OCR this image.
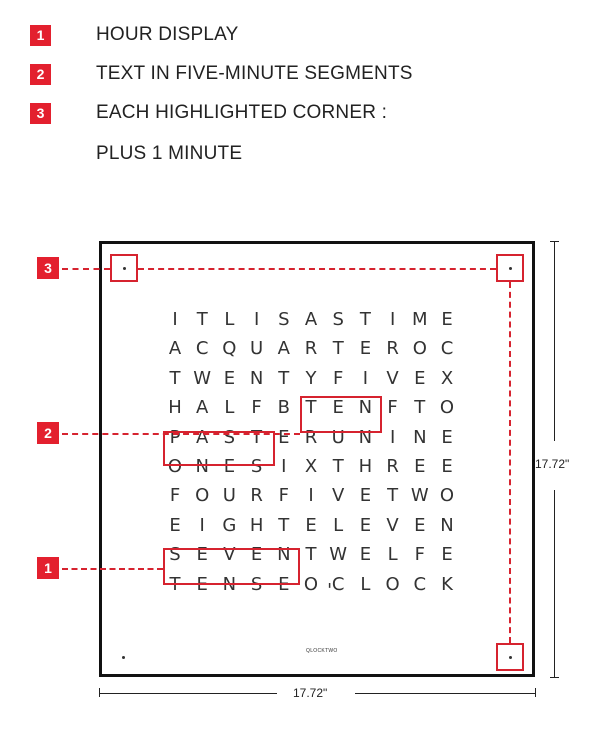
1	HOUR DISPLAY
2	TEXT IN FIVE-MINUTE SEGMENTS
3	EACH HIGHLIGHTED CORNER :
PLUS 1 MINUTE
I	T L	I	S A S T	I M E
A C Q U A R T E R O C
T W E N T Y F	I	V E X
H A L F B T E N F T O
P A S T E R U N I N E
O N E S	I	X T H R E E
F O U R F	I	V E T W O
E	I G H T E L E V E N
S E V E N T W E L F E
T E N S E O ' C L O C K
QLOCKTWO
3
2
1
17.72"
17.72"
